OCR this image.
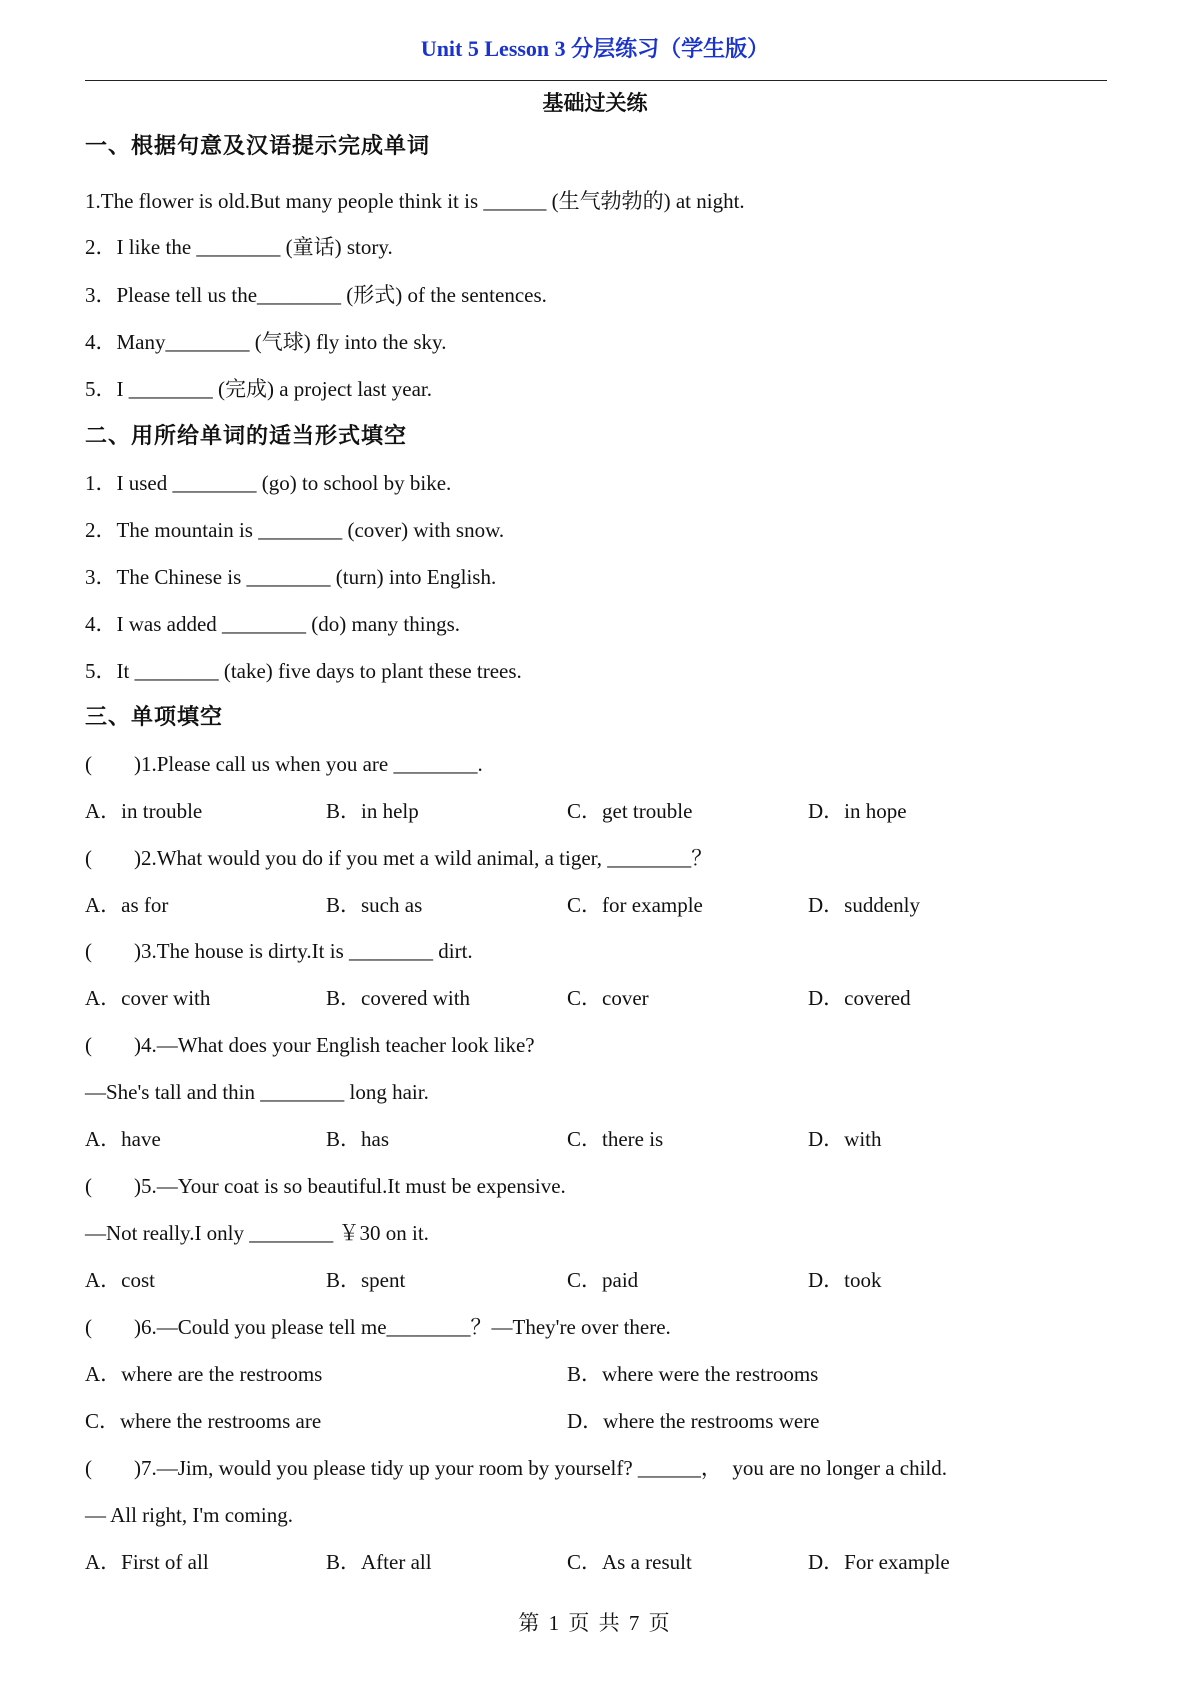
Unit 5 Lesson 3 分层练习（学生版）
基础过关练
一、根据句意及汉语提示完成单词
1.The flower is old.But many people think it is ______ (生气勃勃的) at night.
2．I like the ________ (童话) story.
3．Please tell us the________ (形式) of the sentences.
4．Many________ (气球) fly into the sky.
5．I ________ (完成) a project last year.
二、用所给单词的适当形式填空
1．I used ________ (go) to school by bike.
2．The mountain is ________ (cover) with snow.
3．The Chinese is ________ (turn) into English.
4．I was added ________ (do) many things.
5．It ________ (take) five days to plant these trees.
三、单项填空
(　　)1.Please call us when you are ________.
A．in trouble	B．in help	C．get trouble	D．in hope
(　　)2.What would you do if you met a wild animal, a tiger, ________？
A．as for	B．such as	C．for example	D．suddenly
(　　)3.The house is dirty.It is ________ dirt.
A．cover with	B．covered with	C．cover	D．covered
(　　)4.—What does your English teacher look like?
—She's tall and thin ________ long hair.
A．have	B．has	C．there is	D．with
(　　)5.—Your coat is so beautiful.It must be expensive.
—Not really.I only ________ ￥30 on it.
A．cost	B．spent	C．paid	D．took
(　　)6.—Could you please tell me________？—They're over there.
A．where are the restrooms	B．where were the restrooms
C．where the restrooms are	D．where the restrooms were
(　　)7.—Jim, would you please tidy up your room by yourself? ______，　you are no longer a child.
— All right, I'm coming.
A．First of all	B．After all	C．As a result	D．For example
第 1 页 共 7 页
